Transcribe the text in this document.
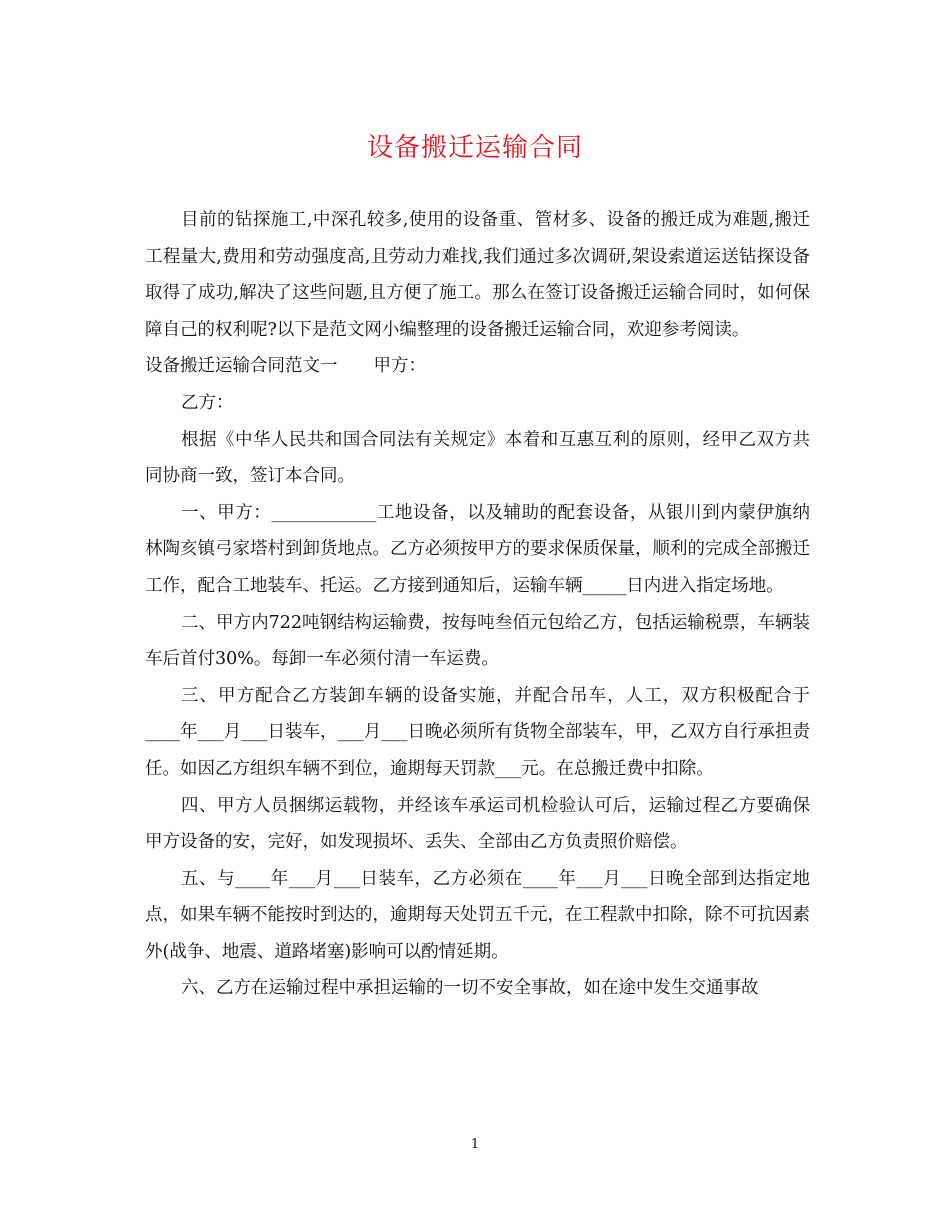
设备搬迁运输合同

目前的钻探施工,中深孔较多,使用的设备重、管材多、设备的搬迁成为难题,搬迁工程量大,费用和劳动强度高,且劳动力难找,我们通过多次调研,架设索道运送钻探设备取得了成功,解决了这些问题,且方便了施工。那么在签订设备搬迁运输合同时，如何保障自己的权利呢?以下是范文网小编整理的设备搬迁运输合同，欢迎参考阅读。

设备搬迁运输合同范文一 甲方：

乙方：

根据《中华人民共和国合同法有关规定》本着和互惠互利的原则，经甲乙双方共同协商一致，签订本合同。

一、甲方：____________工地设备，以及辅助的配套设备，从银川到内蒙伊旗纳林陶亥镇弓家塔村到卸货地点。乙方必须按甲方的要求保质保量，顺利的完成全部搬迁工作，配合工地装车、托运。乙方接到通知后，运输车辆_____日内进入指定场地。

二、甲方内722吨钢结构运输费，按每吨叁佰元包给乙方，包括运输税票，车辆装车后首付30%。每卸一车必须付清一车运费。

三、甲方配合乙方装卸车辆的设备实施，并配合吊车，人工，双方积极配合于____年___月___日装车，___月___日晚必须所有货物全部装车，甲，乙双方自行承担责任。如因乙方组织车辆不到位，逾期每天罚款___元。在总搬迁费中扣除。

四、甲方人员捆绑运载物，并经该车承运司机检验认可后，运输过程乙方要确保甲方设备的安，完好，如发现损坏、丢失、全部由乙方负责照价赔偿。

五、与____年___月___日装车，乙方必须在____年___月___日晚全部到达指定地点，如果车辆不能按时到达的，逾期每天处罚五千元，在工程款中扣除，除不可抗因素外(战争、地震、道路堵塞)影响可以酌情延期。

六、乙方在运输过程中承担运输的一切不安全事故，如在途中发生交通事故

1
